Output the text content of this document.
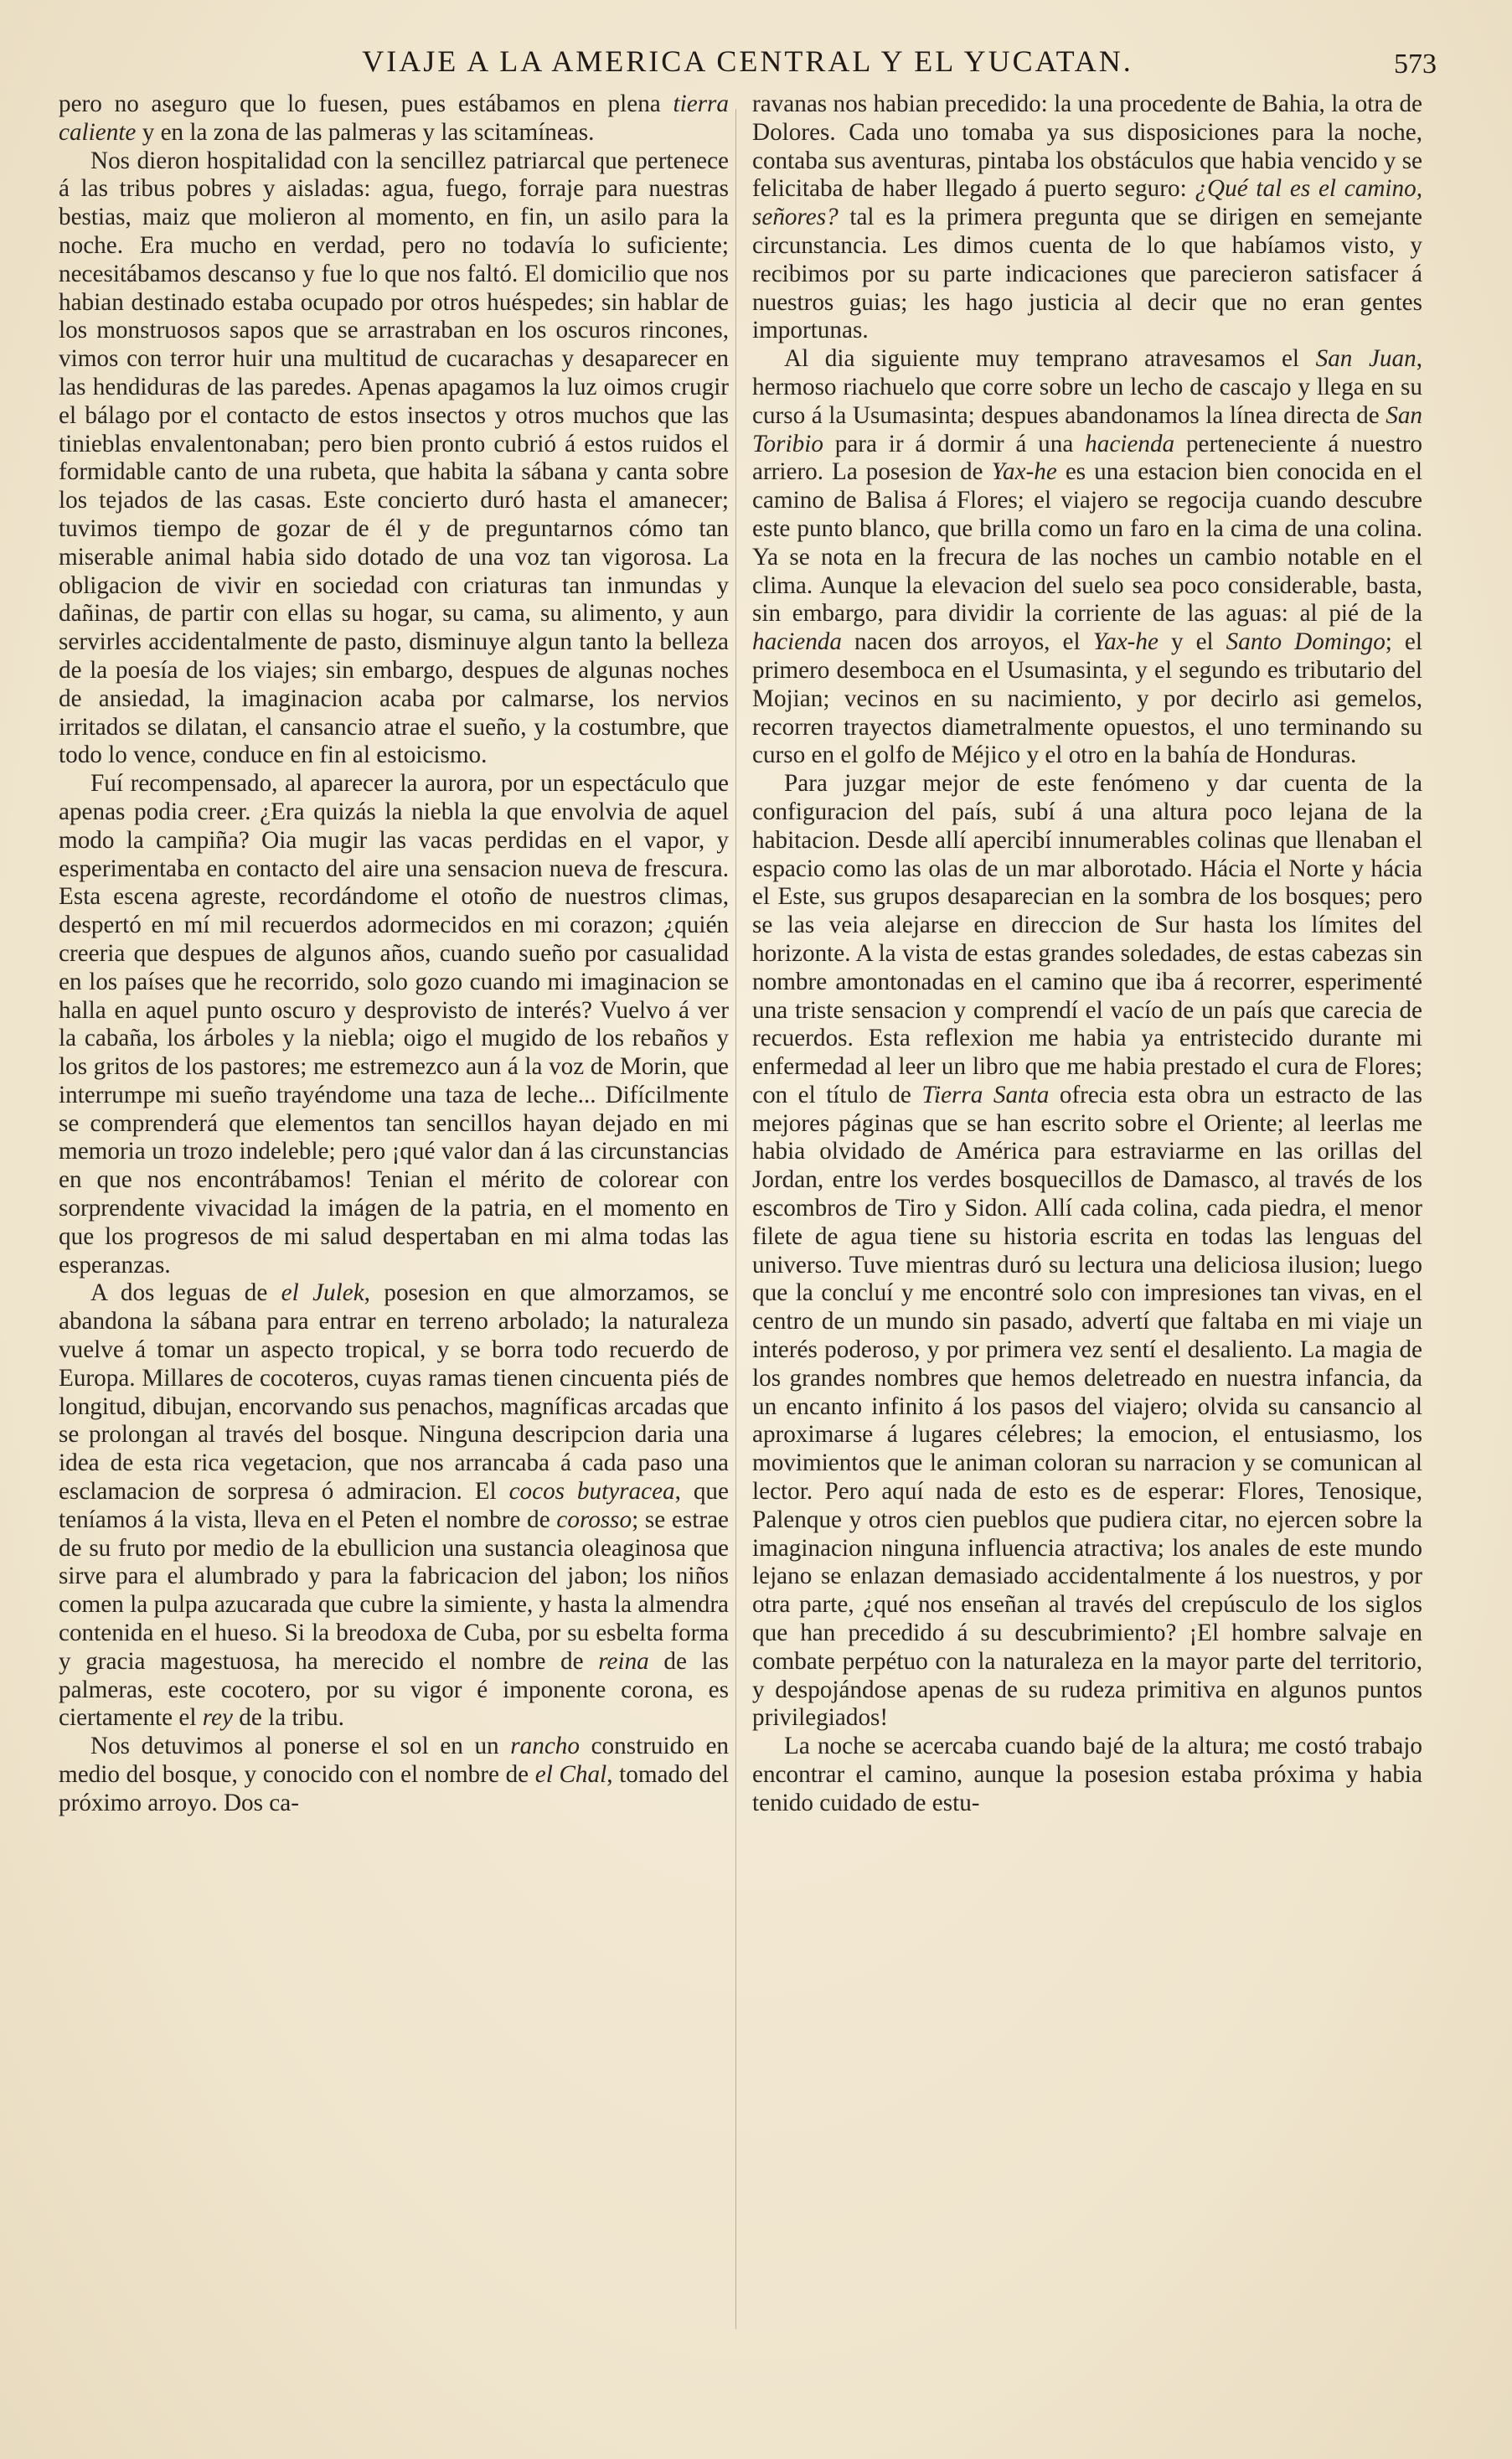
VIAJE A LA AMERICA CENTRAL Y EL YUCATAN.	573

pero no aseguro que lo fuesen, pues estábamos en plena tierra caliente y en la zona de las palmeras y las scitamíneas.

Nos dieron hospitalidad con la sencillez patriarcal que pertenece á las tribus pobres y aisladas: agua, fuego, forraje para nuestras bestias, maiz que molieron al momento, en fin, un asilo para la noche. Era mucho en verdad, pero no todavía lo suficiente; necesitábamos descanso y fue lo que nos faltó. El domicilio que nos habian destinado estaba ocupado por otros huéspedes; sin hablar de los monstruosos sapos que se arrastraban en los oscuros rincones, vimos con terror huir una multitud de cucarachas y desaparecer en las hendiduras de las paredes. Apenas apagamos la luz oimos crugir el bálago por el contacto de estos insectos y otros muchos que las tinieblas envalentonaban; pero bien pronto cubrió á estos ruidos el formidable canto de una rubeta, que habita la sábana y canta sobre los tejados de las casas. Este concierto duró hasta el amanecer; tuvimos tiempo de gozar de él y de preguntarnos cómo tan miserable animal habia sido dotado de una voz tan vigorosa. La obligacion de vivir en sociedad con criaturas tan inmundas y dañinas, de partir con ellas su hogar, su cama, su alimento, y aun servirles accidentalmente de pasto, disminuye algun tanto la belleza de la poesía de los viajes; sin embargo, despues de algunas noches de ansiedad, la imaginacion acaba por calmarse, los nervios irritados se dilatan, el cansancio atrae el sueño, y la costumbre, que todo lo vence, conduce en fin al estoicismo.

Fuí recompensado, al aparecer la aurora, por un espectáculo que apenas podia creer. ¿Era quizás la niebla la que envolvia de aquel modo la campiña? Oia mugir las vacas perdidas en el vapor, y esperimentaba en contacto del aire una sensacion nueva de frescura. Esta escena agreste, recordándome el otoño de nuestros climas, despertó en mí mil recuerdos adormecidos en mi corazon; ¿quién creeria que despues de algunos años, cuando sueño por casualidad en los países que he recorrido, solo gozo cuando mi imaginacion se halla en aquel punto oscuro y desprovisto de interés? Vuelvo á ver la cabaña, los árboles y la niebla; oigo el mugido de los rebaños y los gritos de los pastores; me estremezco aun á la voz de Morin, que interrumpe mi sueño trayéndome una taza de leche... Difícilmente se comprenderá que elementos tan sencillos hayan dejado en mi memoria un trozo indeleble; pero ¡qué valor dan á las circunstancias en que nos encontrábamos! Tenian el mérito de colorear con sorprendente vivacidad la imágen de la patria, en el momento en que los progresos de mi salud despertaban en mi alma todas las esperanzas.

A dos leguas de el Julek, posesion en que almorzamos, se abandona la sábana para entrar en terreno arbolado; la naturaleza vuelve á tomar un aspecto tropical, y se borra todo recuerdo de Europa. Millares de cocoteros, cuyas ramas tienen cincuenta piés de longitud, dibujan, encorvando sus penachos, magníficas arcadas que se prolongan al través del bosque. Ninguna descripcion daria una idea de esta rica vegetacion, que nos arrancaba á cada paso una esclamacion de sorpresa ó admiracion. El cocos butyracea, que teníamos á la vista, lleva en el Peten el nombre de corosso; se estrae de su fruto por medio de la ebullicion una sustancia oleaginosa que sirve para el alumbrado y para la fabricacion del jabon; los niños comen la pulpa azucarada que cubre la simiente, y hasta la almendra contenida en el hueso. Si la breodoxa de Cuba, por su esbelta forma y gracia magestuosa, ha merecido el nombre de reina de las palmeras, este cocotero, por su vigor é imponente corona, es ciertamente el rey de la tribu.

Nos detuvimos al ponerse el sol en un rancho construido en medio del bosque, y conocido con el nombre de el Chal, tomado del próximo arroyo. Dos ca-

ravanas nos habian precedido: la una procedente de Bahia, la otra de Dolores. Cada uno tomaba ya sus disposiciones para la noche, contaba sus aventuras, pintaba los obstáculos que habia vencido y se felicitaba de haber llegado á puerto seguro: ¿Qué tal es el camino, señores? tal es la primera pregunta que se dirigen en semejante circunstancia. Les dimos cuenta de lo que habíamos visto, y recibimos por su parte indicaciones que parecieron satisfacer á nuestros guias; les hago justicia al decir que no eran gentes importunas.

Al dia siguiente muy temprano atravesamos el San Juan, hermoso riachuelo que corre sobre un lecho de cascajo y llega en su curso á la Usumasinta; despues abandonamos la línea directa de San Toribio para ir á dormir á una hacienda perteneciente á nuestro arriero. La posesion de Yax-he es una estacion bien conocida en el camino de Balisa á Flores; el viajero se regocija cuando descubre este punto blanco, que brilla como un faro en la cima de una colina. Ya se nota en la frecura de las noches un cambio notable en el clima. Aunque la elevacion del suelo sea poco considerable, basta, sin embargo, para dividir la corriente de las aguas: al pié de la hacienda nacen dos arroyos, el Yax-he y el Santo Domingo; el primero desemboca en el Usumasinta, y el segundo es tributario del Mojian; vecinos en su nacimiento, y por decirlo asi gemelos, recorren trayectos diametralmente opuestos, el uno terminando su curso en el golfo de Méjico y el otro en la bahía de Honduras.

Para juzgar mejor de este fenómeno y dar cuenta de la configuracion del país, subí á una altura poco lejana de la habitacion. Desde allí apercibí innumerables colinas que llenaban el espacio como las olas de un mar alborotado. Hácia el Norte y hácia el Este, sus grupos desaparecian en la sombra de los bosques; pero se las veia alejarse en direccion de Sur hasta los límites del horizonte. A la vista de estas grandes soledades, de estas cabezas sin nombre amontonadas en el camino que iba á recorrer, esperimenté una triste sensacion y comprendí el vacío de un país que carecia de recuerdos. Esta reflexion me habia ya entristecido durante mi enfermedad al leer un libro que me habia prestado el cura de Flores; con el título de Tierra Santa ofrecia esta obra un estracto de las mejores páginas que se han escrito sobre el Oriente; al leerlas me habia olvidado de América para estraviarme en las orillas del Jordan, entre los verdes bosquecillos de Damasco, al través de los escombros de Tiro y Sidon. Allí cada colina, cada piedra, el menor filete de agua tiene su historia escrita en todas las lenguas del universo. Tuve mientras duró su lectura una deliciosa ilusion; luego que la concluí y me encontré solo con impresiones tan vivas, en el centro de un mundo sin pasado, advertí que faltaba en mi viaje un interés poderoso, y por primera vez sentí el desaliento. La magia de los grandes nombres que hemos deletreado en nuestra infancia, da un encanto infinito á los pasos del viajero; olvida su cansancio al aproximarse á lugares célebres; la emocion, el entusiasmo, los movimientos que le animan coloran su narracion y se comunican al lector. Pero aquí nada de esto es de esperar: Flores, Tenosique, Palenque y otros cien pueblos que pudiera citar, no ejercen sobre la imaginacion ninguna influencia atractiva; los anales de este mundo lejano se enlazan demasiado accidentalmente á los nuestros, y por otra parte, ¿qué nos enseñan al través del crepúsculo de los siglos que han precedido á su descubrimiento? ¡El hombre salvaje en combate perpétuo con la naturaleza en la mayor parte del territorio, y despojándose apenas de su rudeza primitiva en algunos puntos privilegiados!

La noche se acercaba cuando bajé de la altura; me costó trabajo encontrar el camino, aunque la posesion estaba próxima y habia tenido cuidado de estu-
